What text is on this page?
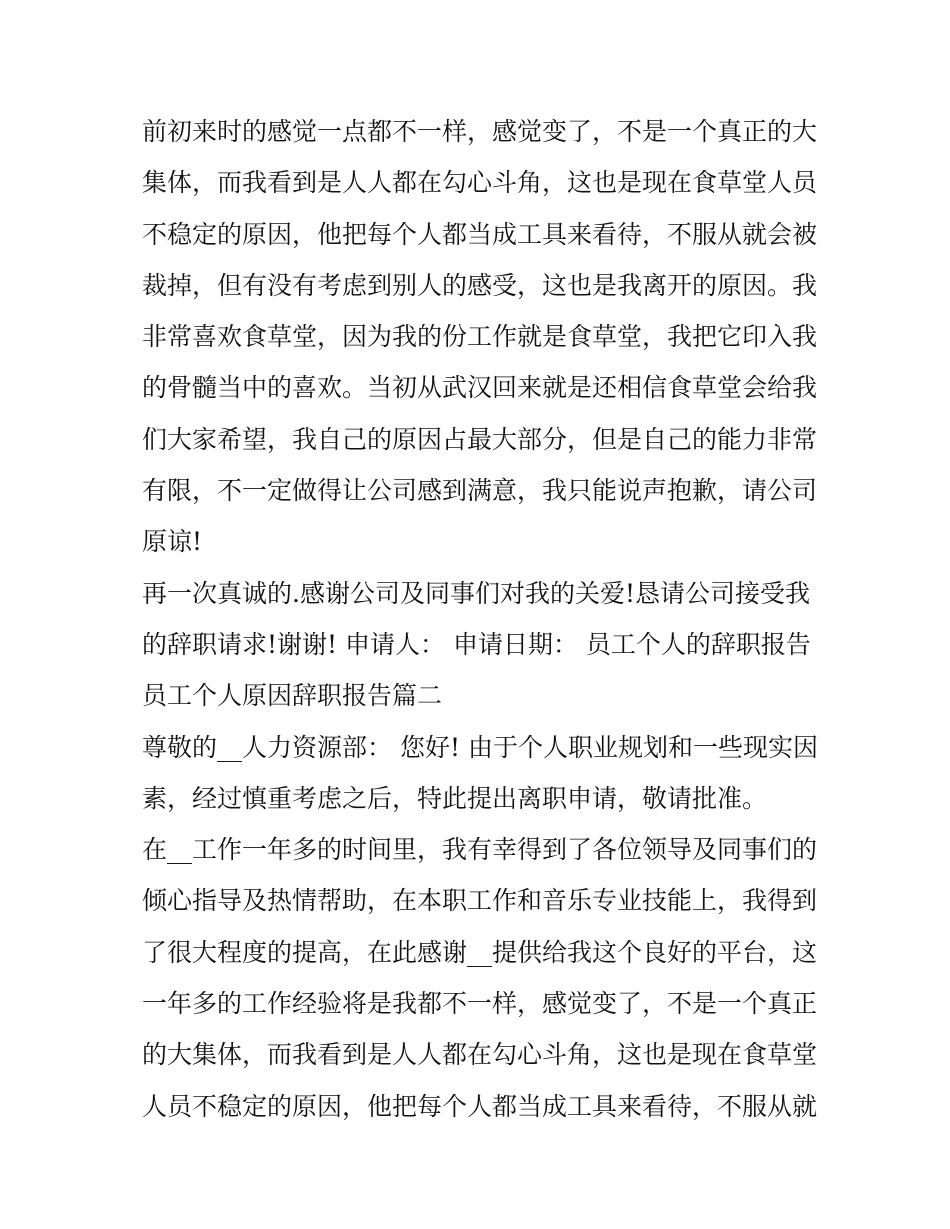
前初来时的感觉一点都不一样，感觉变了，不是一个真正的大
集体，而我看到是人人都在勾心斗角，这也是现在食草堂人员
不稳定的原因，他把每个人都当成工具来看待，不服从就会被
裁掉，但有没有考虑到别人的感受，这也是我离开的原因。我
非常喜欢食草堂，因为我的份工作就是食草堂，我把它印入我
的骨髓当中的喜欢。当初从武汉回来就是还相信食草堂会给我
们大家希望，我自己的原因占最大部分，但是自己的能力非常
有限，不一定做得让公司感到满意，我只能说声抱歉，请公司
原谅!
再一次真诚的.感谢公司及同事们对我的关爱!恳请公司接受我
的辞职请求!谢谢! 申请人： 申请日期： 员工个人的辞职报告
员工个人原因辞职报告篇二
尊敬的__人力资源部： 您好! 由于个人职业规划和一些现实因
素，经过慎重考虑之后，特此提出离职申请，敬请批准。
在__工作一年多的时间里，我有幸得到了各位领导及同事们的
倾心指导及热情帮助，在本职工作和音乐专业技能上，我得到
了很大程度的提高，在此感谢__提供给我这个良好的平台，这
一年多的工作经验将是我都不一样，感觉变了，不是一个真正
的大集体，而我看到是人人都在勾心斗角，这也是现在食草堂
人员不稳定的原因，他把每个人都当成工具来看待，不服从就
